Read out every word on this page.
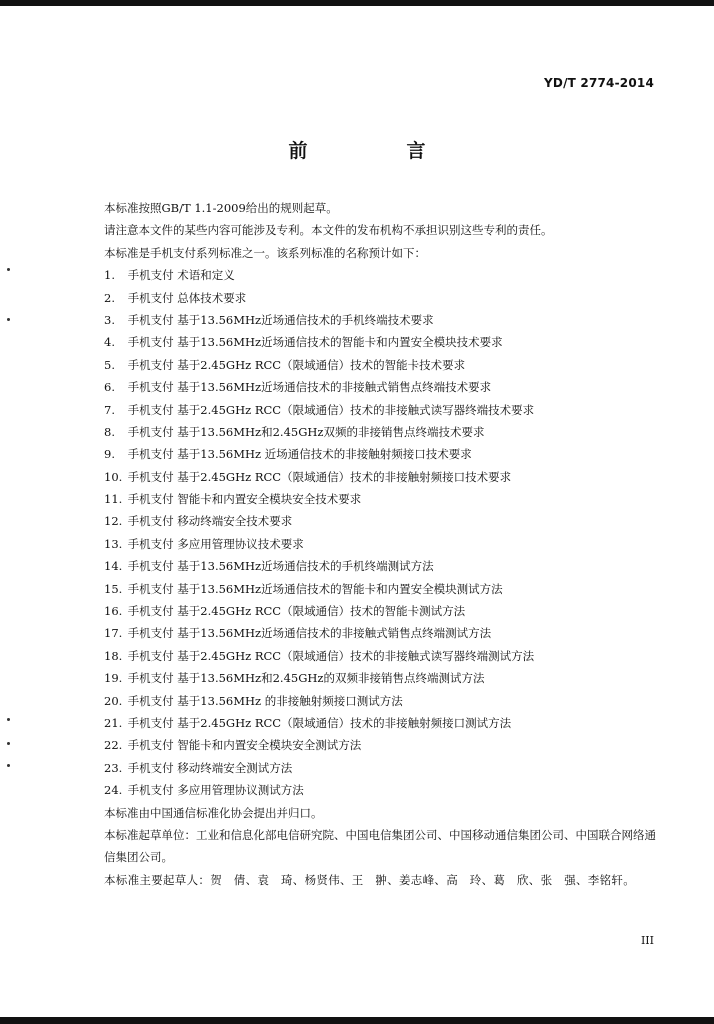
YD/T 2774-2014
前　言
本标准按照GB/T 1.1-2009给出的规则起草。
请注意本文件的某些内容可能涉及专利。本文件的发布机构不承担识别这些专利的责任。
本标准是手机支付系列标准之一。该系列标准的名称预计如下：
1. 手机支付 术语和定义
2. 手机支付 总体技术要求
3. 手机支付 基于13.56MHz近场通信技术的手机终端技术要求
4. 手机支付 基于13.56MHz近场通信技术的智能卡和内置安全模块技术要求
5. 手机支付 基于2.45GHz RCC（限域通信）技术的智能卡技术要求
6. 手机支付 基于13.56MHz近场通信技术的非接触式销售点终端技术要求
7. 手机支付 基于2.45GHz RCC（限域通信）技术的非接触式读写器终端技术要求
8. 手机支付 基于13.56MHz和2.45GHz双频的非接销售点终端技术要求
9. 手机支付 基于13.56MHz 近场通信技术的非接触射频接口技术要求
10. 手机支付 基于2.45GHz RCC（限域通信）技术的非接触射频接口技术要求
11. 手机支付 智能卡和内置安全模块安全技术要求
12. 手机支付 移动终端安全技术要求
13. 手机支付 多应用管理协议技术要求
14. 手机支付 基于13.56MHz近场通信技术的手机终端测试方法
15. 手机支付 基于13.56MHz近场通信技术的智能卡和内置安全模块测试方法
16. 手机支付 基于2.45GHz RCC（限域通信）技术的智能卡测试方法
17. 手机支付 基于13.56MHz近场通信技术的非接触式销售点终端测试方法
18. 手机支付 基于2.45GHz RCC（限域通信）技术的非接触式读写器终端测试方法
19. 手机支付 基于13.56MHz和2.45GHz的双频非接销售点终端测试方法
20. 手机支付 基于13.56MHz 的非接触射频接口测试方法
21. 手机支付 基于2.45GHz RCC（限域通信）技术的非接触射频接口测试方法
22. 手机支付 智能卡和内置安全模块安全测试方法
23. 手机支付 移动终端安全测试方法
24. 手机支付 多应用管理协议测试方法
本标准由中国通信标准化协会提出并归口。
本标准起草单位：工业和信息化部电信研究院、中国电信集团公司、中国移动通信集团公司、中国联合网络通信集团公司。
本标准主要起草人：贺　倩、袁　琦、杨贤伟、王　翀、姜志峰、高　玲、葛　欣、张　强、李铭轩。
III
